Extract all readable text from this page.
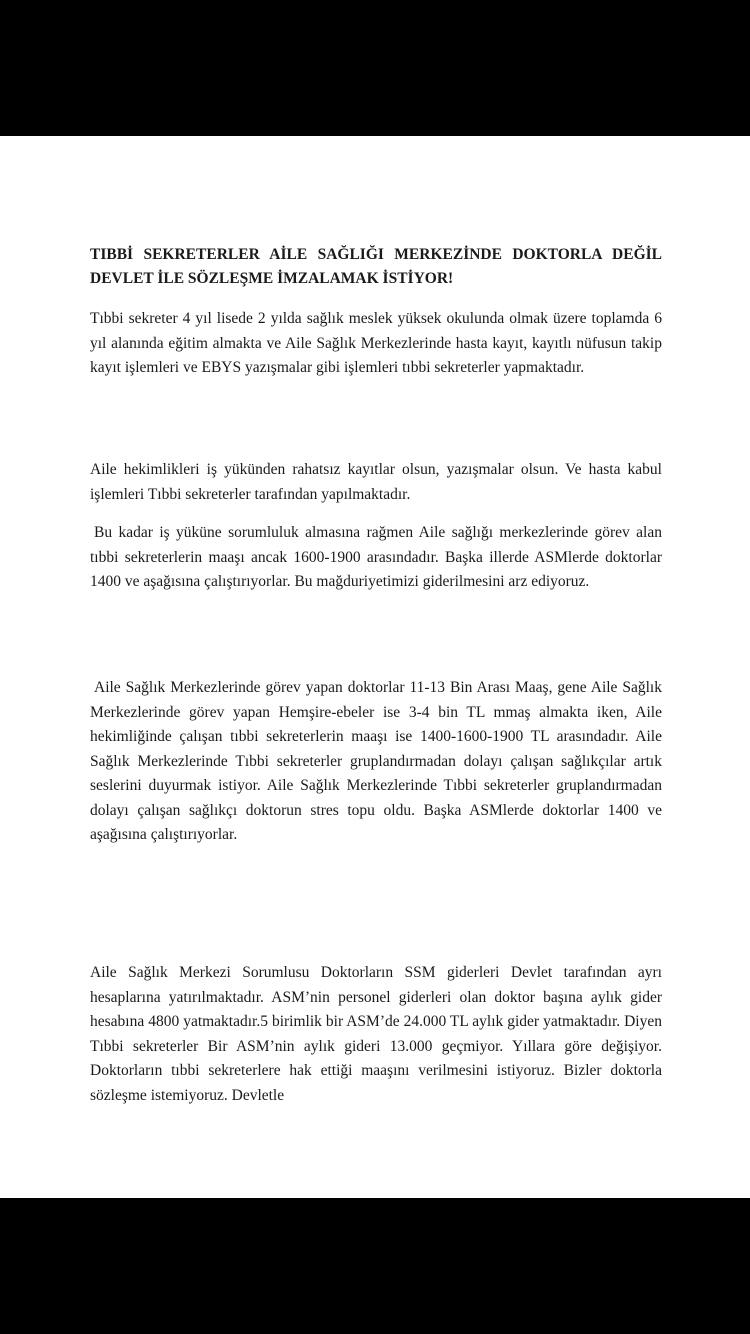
TIBBİ SEKRETERLER AİLE SAĞLIĞI MERKEZİNDE DOKTORLA DEĞİL DEVLET İLE SÖZLEŞME İMZALAMAK İSTİYOR!
Tıbbi sekreter 4 yıl lisede 2 yılda sağlık meslek yüksek okulunda olmak üzere toplamda 6 yıl alanında eğitim almakta ve Aile Sağlık Merkezlerinde hasta kayıt, kayıtlı nüfusun takip kayıt işlemleri ve EBYS yazışmalar gibi işlemleri tıbbi sekreterler yapmaktadır.
Aile hekimlikleri iş yükünden rahatsız kayıtlar olsun, yazışmalar olsun. Ve hasta kabul işlemleri Tıbbi sekreterler tarafından yapılmaktadır.
Bu kadar iş yüküne sorumluluk almasına rağmen Aile sağlığı merkezlerinde görev alan tıbbi sekreterlerin maaşı ancak 1600-1900 arasındadır. Başka illerde ASMlerde doktorlar 1400 ve aşağısına çalıştırıyorlar. Bu mağduriyetimizi giderilmesini arz ediyoruz.
Aile Sağlık Merkezlerinde görev yapan doktorlar 11-13 Bin Arası Maaş, gene Aile Sağlık Merkezlerinde görev yapan Hemşire-ebeler ise 3-4 bin TL mmaş almakta iken, Aile hekimliğinde çalışan tıbbi sekreterlerin maaşı ise 1400-1600-1900 TL arasındadır. Aile Sağlık Merkezlerinde Tıbbi sekreterler gruplandırmadan dolayı çalışan sağlıkçılar artık seslerini duyurmak istiyor. Aile Sağlık Merkezlerinde Tıbbi sekreterler gruplandırmadan dolayı çalışan sağlıkçı doktorun stres topu oldu. Başka ASMlerde doktorlar 1400 ve aşağısına çalıştırıyorlar.
Aile Sağlık Merkezi Sorumlusu Doktorların SSM giderleri Devlet tarafından ayrı hesaplarına yatırılmaktadır. ASM’nin personel giderleri olan doktor başına aylık gider hesabına 4800 yatmaktadır.5 birimlik bir ASM’de 24.000 TL aylık gider yatmaktadır. Diyen Tıbbi sekreterler Bir ASM’nin aylık gideri 13.000 geçmiyor. Yıllara göre değişiyor. Doktorların tıbbi sekreterlere hak ettiği maaşını verilmesini istiyoruz. Bizler doktorla sözleşme istemiyoruz. Devletle
